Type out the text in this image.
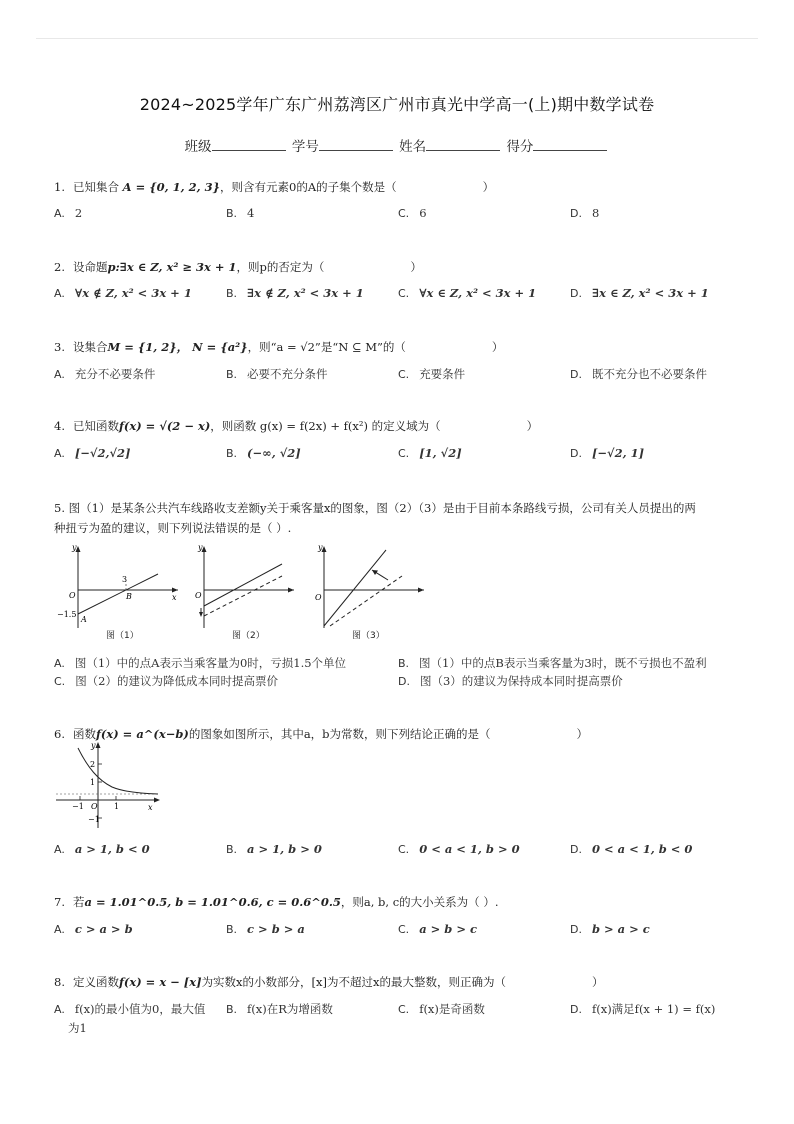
2024~2025学年广东广州荔湾区广州市真光中学高一(上)期中数学试卷
班级	学号	姓名	得分
1. 已知集合 A = {0, 1, 2, 3}，则含有元素0的A的子集个数是（	）
A. 2	B. 4	C. 6	D. 8
2. 设命题p:∃x ∈ Z, x² ≥ 3x + 1，则p的否定为（	）
A. ∀x ∉ Z, x² < 3x + 1	B. ∃x ∉ Z, x² < 3x + 1	C. ∀x ∈ Z, x² < 3x + 1	D. ∃x ∈ Z, x² < 3x + 1
3. 设集合M = {1, 2}， N = {a²}，则“a = √2”是“N ⊆ M”的（	）
A. 充分不必要条件	B. 必要不充分条件	C. 充要条件	D. 既不充分也不必要条件
4. 已知函数f(x) = √(2 − x)，则函数 g(x) = f(2x) + f(x²) 的定义域为（	）
A. [−√2,√2]	B. (−∞, √2]	C. [1, √2]	D. [−√2, 1]
5. 图（1）是某条公共汽车线路收支差额y关于乘客量x的图象，图（2）（3）是由于目前本条路线亏损，公司有关人员提出的两
种扭亏为盈的建议，则下列说法错误的是（ ）.
y
x
O
−1.5
3
A
B
图（1）
y
O
图（2）
y
O
图（3）
A. 图（1）中的点A表示当乘客量为0时，亏损1.5个单位	B. 图（1）中的点B表示当乘客量为3时，既不亏损也不盈利
C. 图（2）的建议为降低成本同时提高票价	D. 图（3）的建议为保持成本同时提高票价
6. 函数f(x) = a^(x−b)的图象如图所示，其中a，b为常数，则下列结论正确的是（	）
y
x
2
1
−1
−1 O 1
A. a > 1, b < 0	B. a > 1, b > 0	C. 0 < a < 1, b > 0	D. 0 < a < 1, b < 0
7. 若a = 1.01^0.5, b = 1.01^0.6, c = 0.6^0.5，则a, b, c的大小关系为（ ）.
A. c > a > b	B. c > b > a	C. a > b > c	D. b > a > c
8. 定义函数f(x) = x − [x]为实数x的小数部分，[x]为不超过x的最大整数，则正确为（	）
A. f(x)的最小值为0，最大值
为1
B. f(x)在R为增函数	C. f(x)是奇函数	D. f(x)满足f(x + 1) = f(x)
